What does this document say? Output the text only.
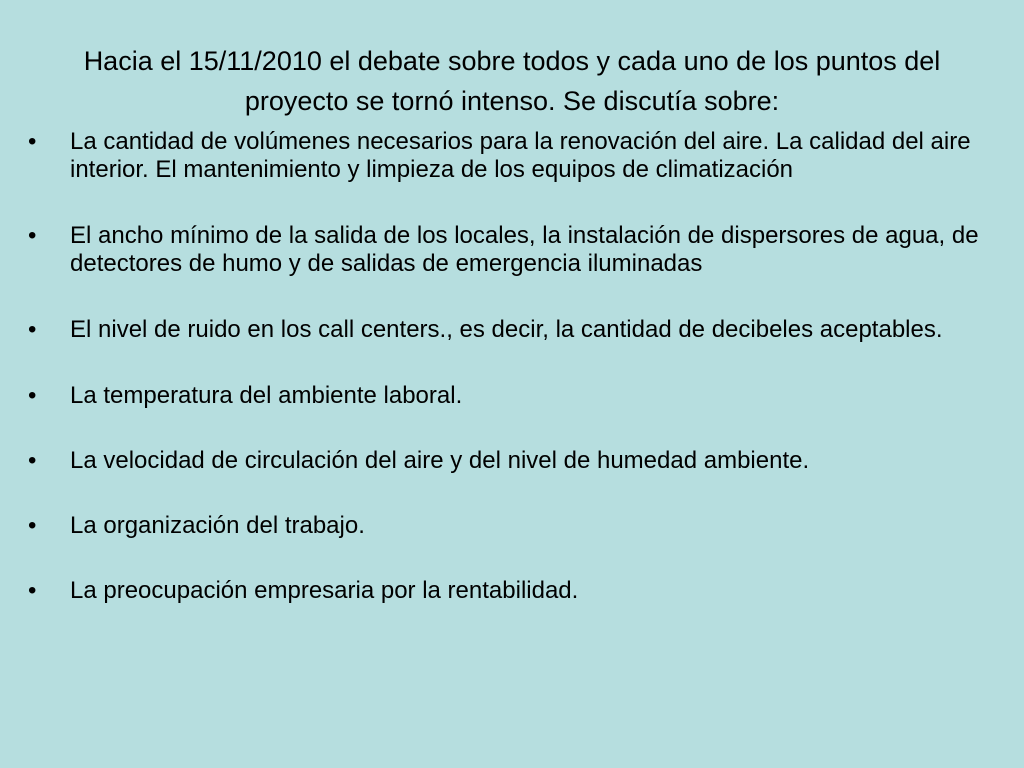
Hacia el 15/11/2010 el debate sobre todos y cada uno de los puntos del proyecto se tornó intenso. Se discutía sobre:
•	La cantidad de volúmenes necesarios para la renovación del aire. La calidad del aire interior. El mantenimiento y limpieza de los equipos de climatización
•	El ancho mínimo de la salida de los locales, la instalación de dispersores de agua, de detectores de humo y de salidas de emergencia iluminadas
•	El nivel de ruido en los call centers., es decir, la cantidad de decibeles aceptables.
•	La temperatura del ambiente laboral.
•	La velocidad de circulación del aire y del nivel de humedad ambiente.
•	La organización del trabajo.
•	La preocupación empresaria por la rentabilidad.
